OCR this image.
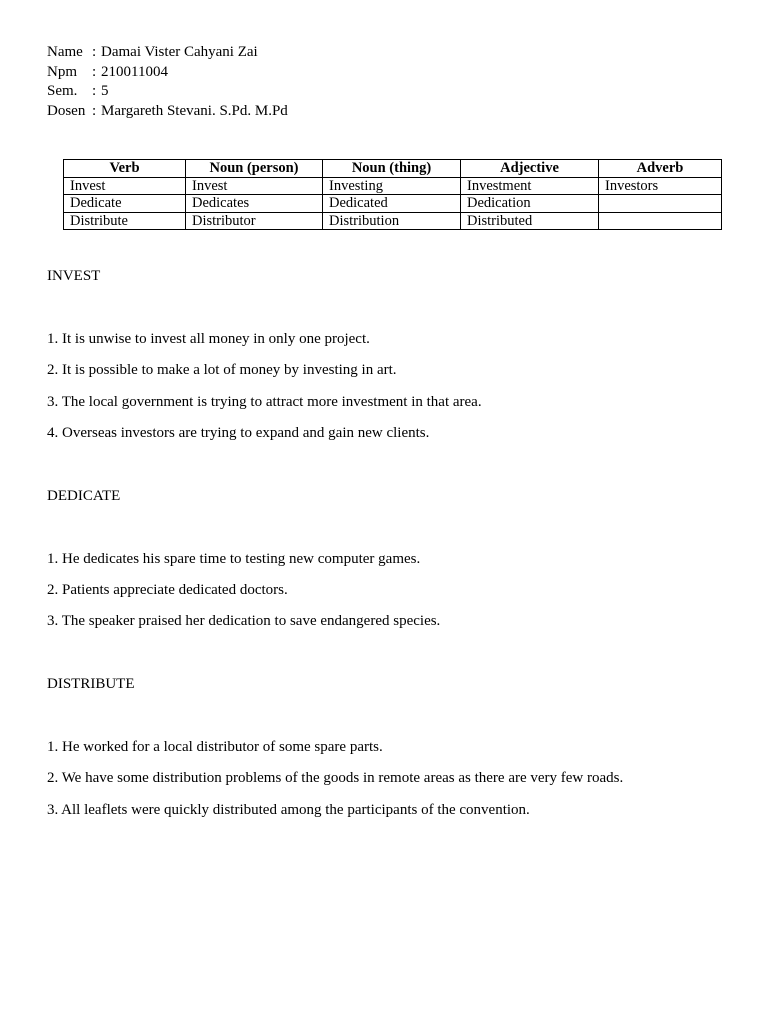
Name : Damai Vister Cahyani Zai
Npm	: 210011004
Sem. : 5
Dosen : Margareth Stevani. S.Pd. M.Pd
Verb	Noun (person)	Noun (thing)	Adjective	Adverb
Invest	Invest	Investing	Investment	Investors
Dedicate	Dedicates	Dedicated	Dedication	
Distribute	Distributor	Distribution	Distributed	
INVEST
1. It is unwise to invest all money in only one project.
2. It is possible to make a lot of money by investing in art.
3. The local government is trying to attract more investment in that area.
4. Overseas investors are trying to expand and gain new clients.
DEDICATE
1. He dedicates his spare time to testing new computer games.
2. Patients appreciate dedicated doctors.
3. The speaker praised her dedication to save endangered species.
DISTRIBUTE
1. He worked for a local distributor of some spare parts.
2. We have some distribution problems of the goods in remote areas as there are very few roads.
3. All leaflets were quickly distributed among the participants of the convention.
